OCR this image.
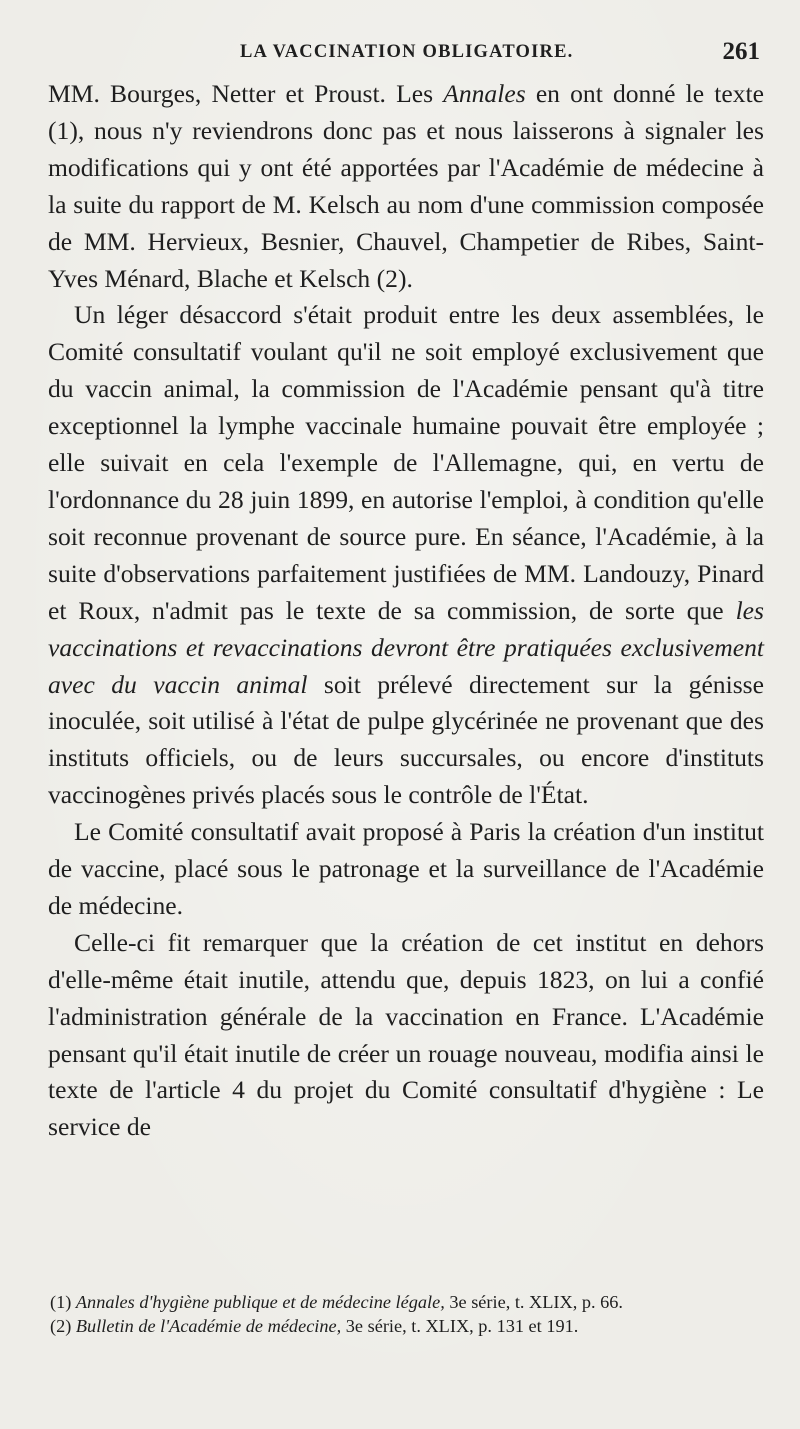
LA VACCINATION OBLIGATOIRE.	261

MM. Bourges, Netter et Proust. Les Annales en ont donné le texte (1), nous n'y reviendrons donc pas et nous laisserons à signaler les modifications qui y ont été apportées par l'Académie de médecine à la suite du rapport de M. Kelsch au nom d'une commission composée de MM. Hervieux, Besnier, Chauvel, Champetier de Ribes, Saint-Yves Ménard, Blache et Kelsch (2).

Un léger désaccord s'était produit entre les deux assemblées, le Comité consultatif voulant qu'il ne soit employé exclusivement que du vaccin animal, la commission de l'Académie pensant qu'à titre exceptionnel la lymphe vaccinale humaine pouvait être employée ; elle suivait en cela l'exemple de l'Allemagne, qui, en vertu de l'ordonnance du 28 juin 1899, en autorise l'emploi, à condition qu'elle soit reconnue provenant de source pure. En séance, l'Académie, à la suite d'observations parfaitement justifiées de MM. Landouzy, Pinard et Roux, n'admit pas le texte de sa commission, de sorte que les vaccinations et revaccinations devront être pratiquées exclusivement avec du vaccin animal soit prélevé directement sur la génisse inoculée, soit utilisé à l'état de pulpe glycérinée ne provenant que des instituts officiels, ou de leurs succursales, ou encore d'instituts vaccinogènes privés placés sous le contrôle de l'État.

Le Comité consultatif avait proposé à Paris la création d'un institut de vaccine, placé sous le patronage et la surveillance de l'Académie de médecine.

Celle-ci fit remarquer que la création de cet institut en dehors d'elle-même était inutile, attendu que, depuis 1823, on lui a confié l'administration générale de la vaccination en France. L'Académie pensant qu'il était inutile de créer un rouage nouveau, modifia ainsi le texte de l'article 4 du projet du Comité consultatif d'hygiène : Le service de

(1) Annales d'hygiène publique et de médecine légale, 3e série, t. XLIX, p. 66.

(2) Bulletin de l'Académie de médecine, 3e série, t. XLIX, p. 131 et 191.
